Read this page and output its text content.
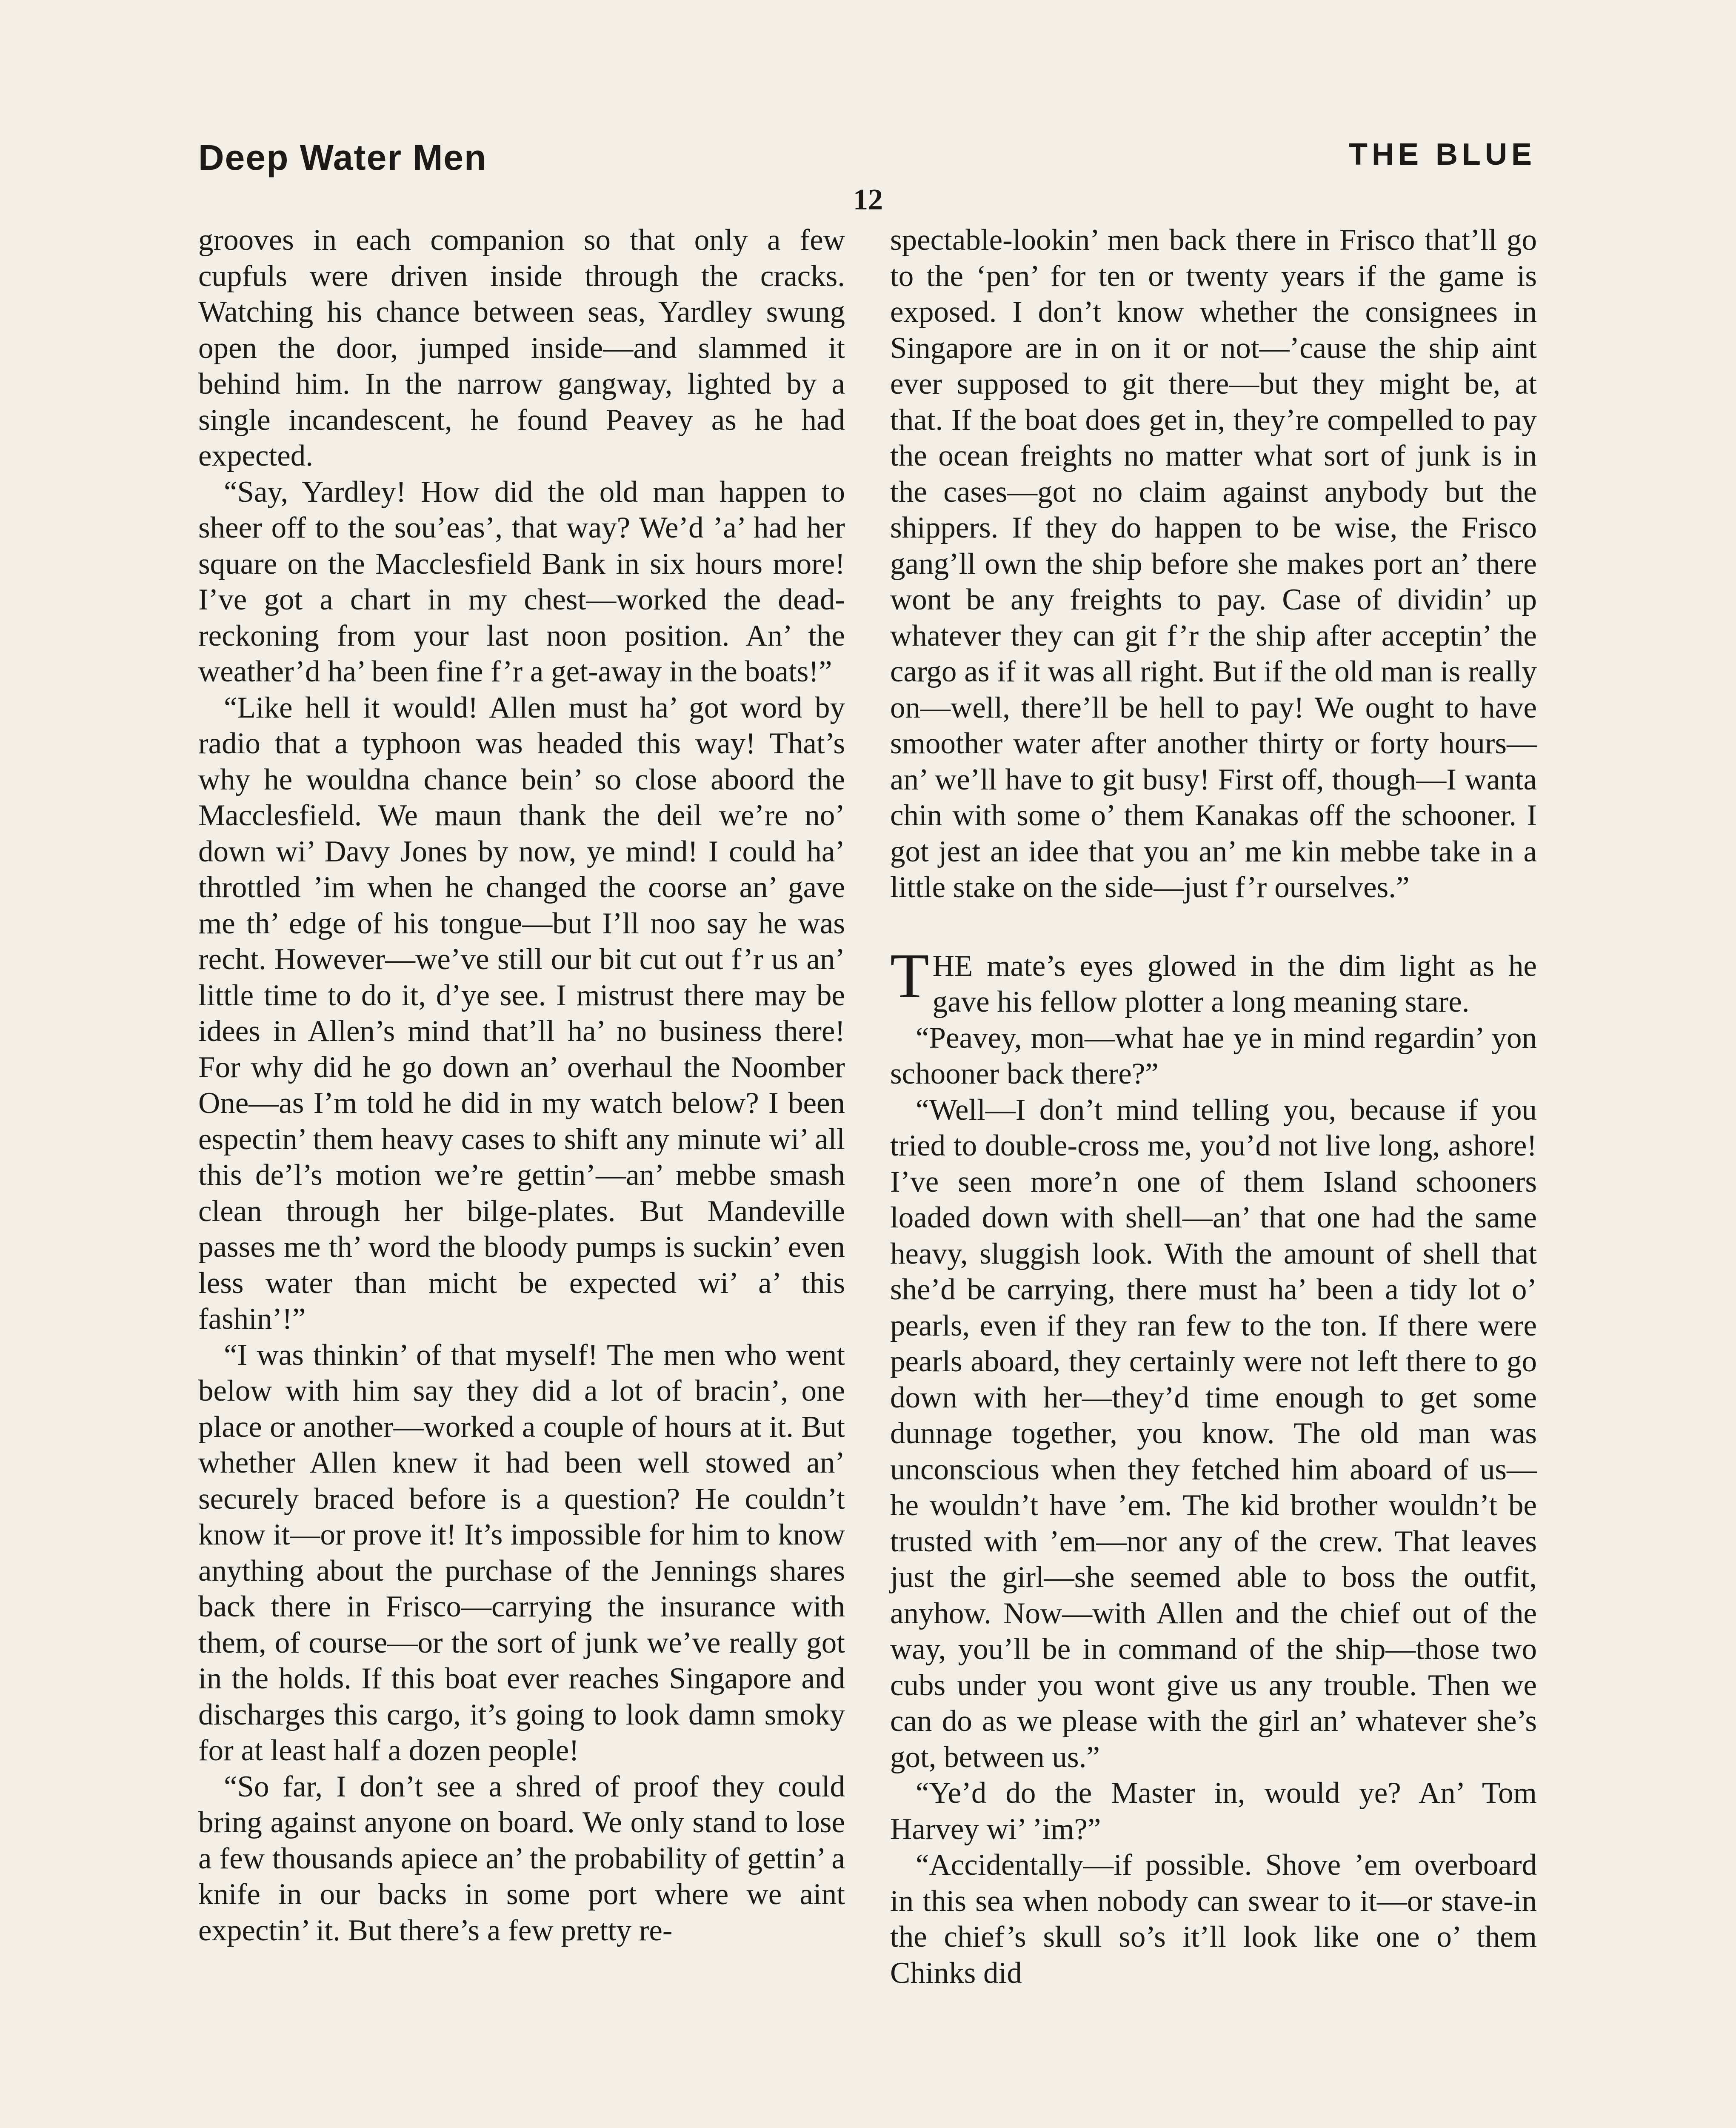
Deep Water Men	THE BLUE
12

grooves in each companion so that only a few cupfuls were driven inside through the cracks. Watching his chance between seas, Yardley swung open the door, jumped inside—and slammed it behind him. In the narrow gangway, lighted by a single incandescent, he found Peavey as he had expected.

“Say, Yardley! How did the old man happen to sheer off to the sou’eas’, that way? We’d ’a’ had her square on the Macclesfield Bank in six hours more! I’ve got a chart in my chest—worked the dead-reckoning from your last noon position. An’ the weather’d ha’ been fine f’r a get-away in the boats!”

“Like hell it would! Allen must ha’ got word by radio that a typhoon was headed this way! That’s why he wouldna chance bein’ so close aboord the Macclesfield. We maun thank the deil we’re no’ down wi’ Davy Jones by now, ye mind! I could ha’ throttled ’im when he changed the coorse an’ gave me th’ edge of his tongue—but I’ll noo say he was recht. However—we’ve still our bit cut out f’r us an’ little time to do it, d’ye see. I mistrust there may be idees in Allen’s mind that’ll ha’ no business there! For why did he go down an’ overhaul the Noomber One—as I’m told he did in my watch below? I been espectin’ them heavy cases to shift any minute wi’ all this de’l’s motion we’re gettin’—an’ mebbe smash clean through her bilge-plates. But Mandeville passes me th’ word the bloody pumps is suckin’ even less water than micht be expected wi’ a’ this fashin’!”

“I was thinkin’ of that myself! The men who went below with him say they did a lot of bracin’, one place or another—worked a couple of hours at it. But whether Allen knew it had been well stowed an’ securely braced before is a question? He couldn’t know it—or prove it! It’s impossible for him to know anything about the purchase of the Jennings shares back there in Frisco—carrying the insurance with them, of course—or the sort of junk we’ve really got in the holds. If this boat ever reaches Singapore and discharges this cargo, it’s going to look damn smoky for at least half a dozen people!

“So far, I don’t see a shred of proof they could bring against anyone on board. We only stand to lose a few thousands apiece an’ the probability of gettin’ a knife in our backs in some port where we aint expectin’ it. But there’s a few pretty re-

spectable-lookin’ men back there in Frisco that’ll go to the ‘pen’ for ten or twenty years if the game is exposed. I don’t know whether the consignees in Singapore are in on it or not—’cause the ship aint ever supposed to git there—but they might be, at that. If the boat does get in, they’re compelled to pay the ocean freights no matter what sort of junk is in the cases—got no claim against anybody but the shippers. If they do happen to be wise, the Frisco gang’ll own the ship before she makes port an’ there wont be any freights to pay. Case of dividin’ up whatever they can git f’r the ship after acceptin’ the cargo as if it was all right. But if the old man is really on—well, there’ll be hell to pay! We ought to have smoother water after another thirty or forty hours—an’ we’ll have to git busy! First off, though—I wanta chin with some o’ them Kanakas off the schooner. I got jest an idee that you an’ me kin mebbe take in a little stake on the side—just f’r ourselves.”

THE mate’s eyes glowed in the dim light as he gave his fellow plotter a long meaning stare.

“Peavey, mon—what hae ye in mind regardin’ yon schooner back there?”

“Well—I don’t mind telling you, because if you tried to double-cross me, you’d not live long, ashore! I’ve seen more’n one of them Island schooners loaded down with shell—an’ that one had the same heavy, sluggish look. With the amount of shell that she’d be carrying, there must ha’ been a tidy lot o’ pearls, even if they ran few to the ton. If there were pearls aboard, they certainly were not left there to go down with her—they’d time enough to get some dunnage together, you know. The old man was unconscious when they fetched him aboard of us—he wouldn’t have ’em. The kid brother wouldn’t be trusted with ’em—nor any of the crew. That leaves just the girl—she seemed able to boss the outfit, anyhow. Now—with Allen and the chief out of the way, you’ll be in command of the ship—those two cubs under you wont give us any trouble. Then we can do as we please with the girl an’ whatever she’s got, between us.”

“Ye’d do the Master in, would ye? An’ Tom Harvey wi’ ’im?”

“Accidentally—if possible. Shove ’em overboard in this sea when nobody can swear to it—or stave-in the chief’s skull so’s it’ll look like one o’ them Chinks did
